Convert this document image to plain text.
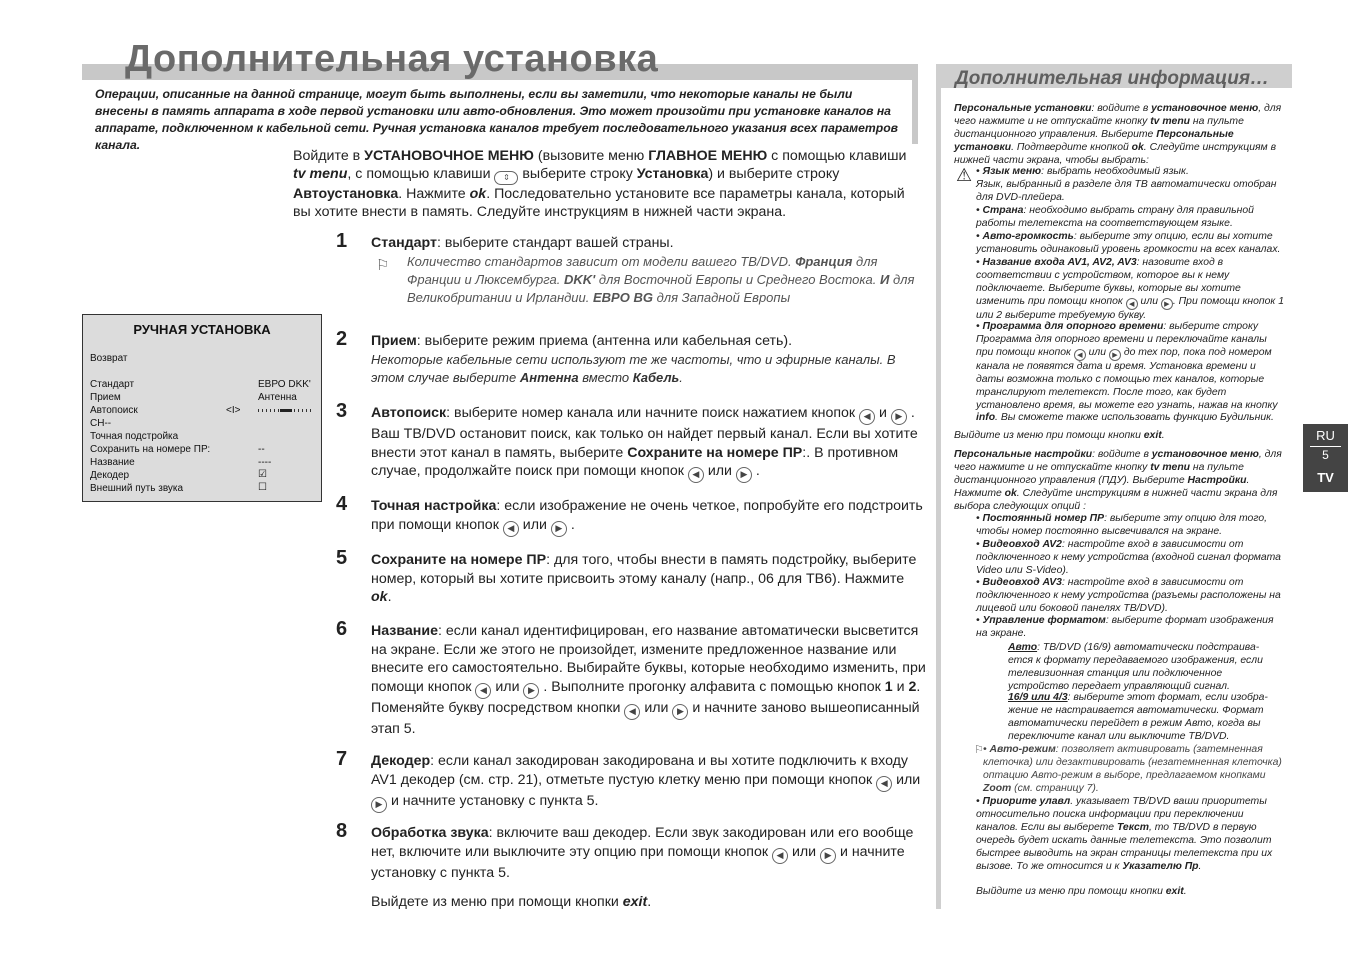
Дополнительная установка
Операции, описанные на данной странице, могут быть выполнены, если вы заметили, что некоторые каналы не были внесены в память аппарата в ходе первой установки или авто-обновления. Это может произойти при установке каналов на аппарате, подключенном к кабельной сети. Ручная установка каналов требует последовательного указания всех параметров канала.
Войдите в УСТАНОВОЧНОЕ МЕНЮ (вызовите меню ГЛАВНОЕ МЕНЮ с помощью клавиши tv menu, с помощью клавиши ⇕ выберите строку Установка) и выберите строку Автоустановка. Нажмите ok. Последовательно установите все параметры канала, который вы хотите внести в память. Следуйте инструкциям в нижней части экрана.
1 Стандарт: выберите стандарт вашей страны.
⚐ Количество стандартов зависит от модели вашего TB/DVD. Франция для Франции и Люксембурга. DKK' для Восточной Европы и Среднего Востока. И для Великобритании и Ирландии. ЕВРО BG для Западной Европы
2 Прием: выберите режим приема (антенна или кабельная сеть).
Некоторые кабельные сети используют те же частоты, что и эфирные каналы. В этом случае выберите Антенна вместо Кабель.
3 Автопоиск: выберите номер канала или начните поиск нажатием кнопок ◀ и ▶ . Ваш TB/DVD остановит поиск, как только он найдет первый канал. Если вы хотите внести этот канал в память, выберите Сохраните на номере ПР:. В противном случае, продолжайте поиск при помощи кнопок ◀ или ▶ .
4 Точная настройка: если изображение не очень четкое, попробуйте его подстроить при помощи кнопок ◀ или ▶ .
5 Сохраните на номере ПР: для того, чтобы внести в память подстройку, выберите номер, который вы хотите присвоить этому каналу (напр., 06 для ТВ6). Нажмите ok.
6 Название: если канал идентифицирован, его название автоматически высветится на экране. Если же этого не произойдет, измените предложенное название или внесите его самостоятельно. Выбирайте буквы, которые необходимо изменить, при помощи кнопок ◀ или ▶ . Выполните прогонку алфавита с помощью кнопок 1 и 2. Поменяйте букву посредством кнопки ◀ или ▶ и начните заново вышеописанный этап 5.
7 Декодер: если канал закодирован закодирована и вы хотите подключить к входу AV1 декодер (см. стр. 21), отметьте пустую клетку меню при помощи кнопок ◀ или ▶ и начните установку с пункта 5.
8 Обработка звука: включите ваш декодер. Если звук закодирован или его вообще нет, включите или выключите эту опцию при помощи кнопок ◀ или ▶ и начните установку с пункта 5.
Выйдете из меню при помощи кнопки exit.
РУЧНАЯ УСТАНОВКА
Возврат
Стандарт	ЕВРО DKK'
Прием	Антенна
Автопоиск	<I>
CH--
Точная подстройка
Сохранить на номере ПР:	--
Название	----
Декодер	☑
Внешний путь звука	☐
Дополнительная информация…
Персональные установки: войдите в установочное меню, для чего нажмите и не отпускайте кнопку tv menu на пульте дистанционного управления. Выберите Персональные установки. Подтвердите кнопкой ok. Следуйте инструкциям в нижней части экрана, чтобы выбрать:
⚠ • Язык меню: выбрать необходимый язык.
Язык, выбранный в разделе для ТВ автоматически отобран для DVD-плейера.
• Страна: необходимо выбрать страну для правильной работы телетекста на соответствующем языке.
• Авто-громкость: выберите эту опцию, если вы хотите установить одинаковый уровень громкости на всех каналах.
• Название входа AV1, AV2, AV3: назовите вход в соответствии с устройством, которое вы к нему подключаете. Выберите буквы, которые вы хотите изменить при помощи кнопок ◀ или ▶ . При помощи кнопок 1 или 2 выберите требуемую букву.
• Программа для опорного времени: выберите строку Программа для опорного времени и переключайте каналы при помощи кнопок ◀ или ▶ до тех пор, пока под номером канала не появятся дата и время. Установка времени и даты возможна только с помощью тех каналов, которые транслируют телетекст. После того, как будет установлено время, вы можете его узнать, нажав на кнопку info. Вы сможете также использовать функцию Будильник.
Выйдите из меню при помощи кнопки exit.
Персональные настройки: войдите в установочное меню, для чего нажмите и не отпускайте кнопку tv menu на пульте дистанционного управления (ПДУ). Выберите Настройки. Нажмите ok. Следуйте инструкциям в нижней части экрана для выбора следующих опций :
• Постоянный номер ПР: выберите эту опцию для того, чтобы номер постоянно высвечивался на экране.
• Видеовход AV2: настройте вход в зависимости от подключенного к нему устройства (входной сигнал формата Video или S-Video).
• Видеовход AV3: настройте вход в зависимости от подключенного к нему устройства (разъемы расположены на лицевой или боковой панелях TB/DVD).
• Управление форматом: выберите формат изображения на экране.
Авто: TB/DVD (16/9) автоматически подстраива-ется к формату передаваемого изображения, если телевизионная станция или подключенное устройство передает управляющий сигнал.
16/9 или 4/3: выберите этот формат, если изобра-жение не настраивается автоматически. Формат автоматически перейдет в режим Авто, когда вы переключите канал или выключите TB/DVD.
⚐ • Авто-режим: позволяет активировать (затемненная клеточка) или дезактивировать (незатемненная клеточка) оптацию Авто-режим в выборе, предлагаемом кнопками Zoom (см. страницу 7).
• Приорите улавл. указывает TB/DVD ваши приоритеты относительно поиска информации при переключении каналов. Если вы выберете Текст, то TB/DVD в первую очередь будет искать данные телетекста. Это позволит быстрее выводить на экран страницы телетекста при их вызове. То же относится и к Указателю Пр.
Выйдите из меню при помощи кнопки exit.
RU
5
TV
